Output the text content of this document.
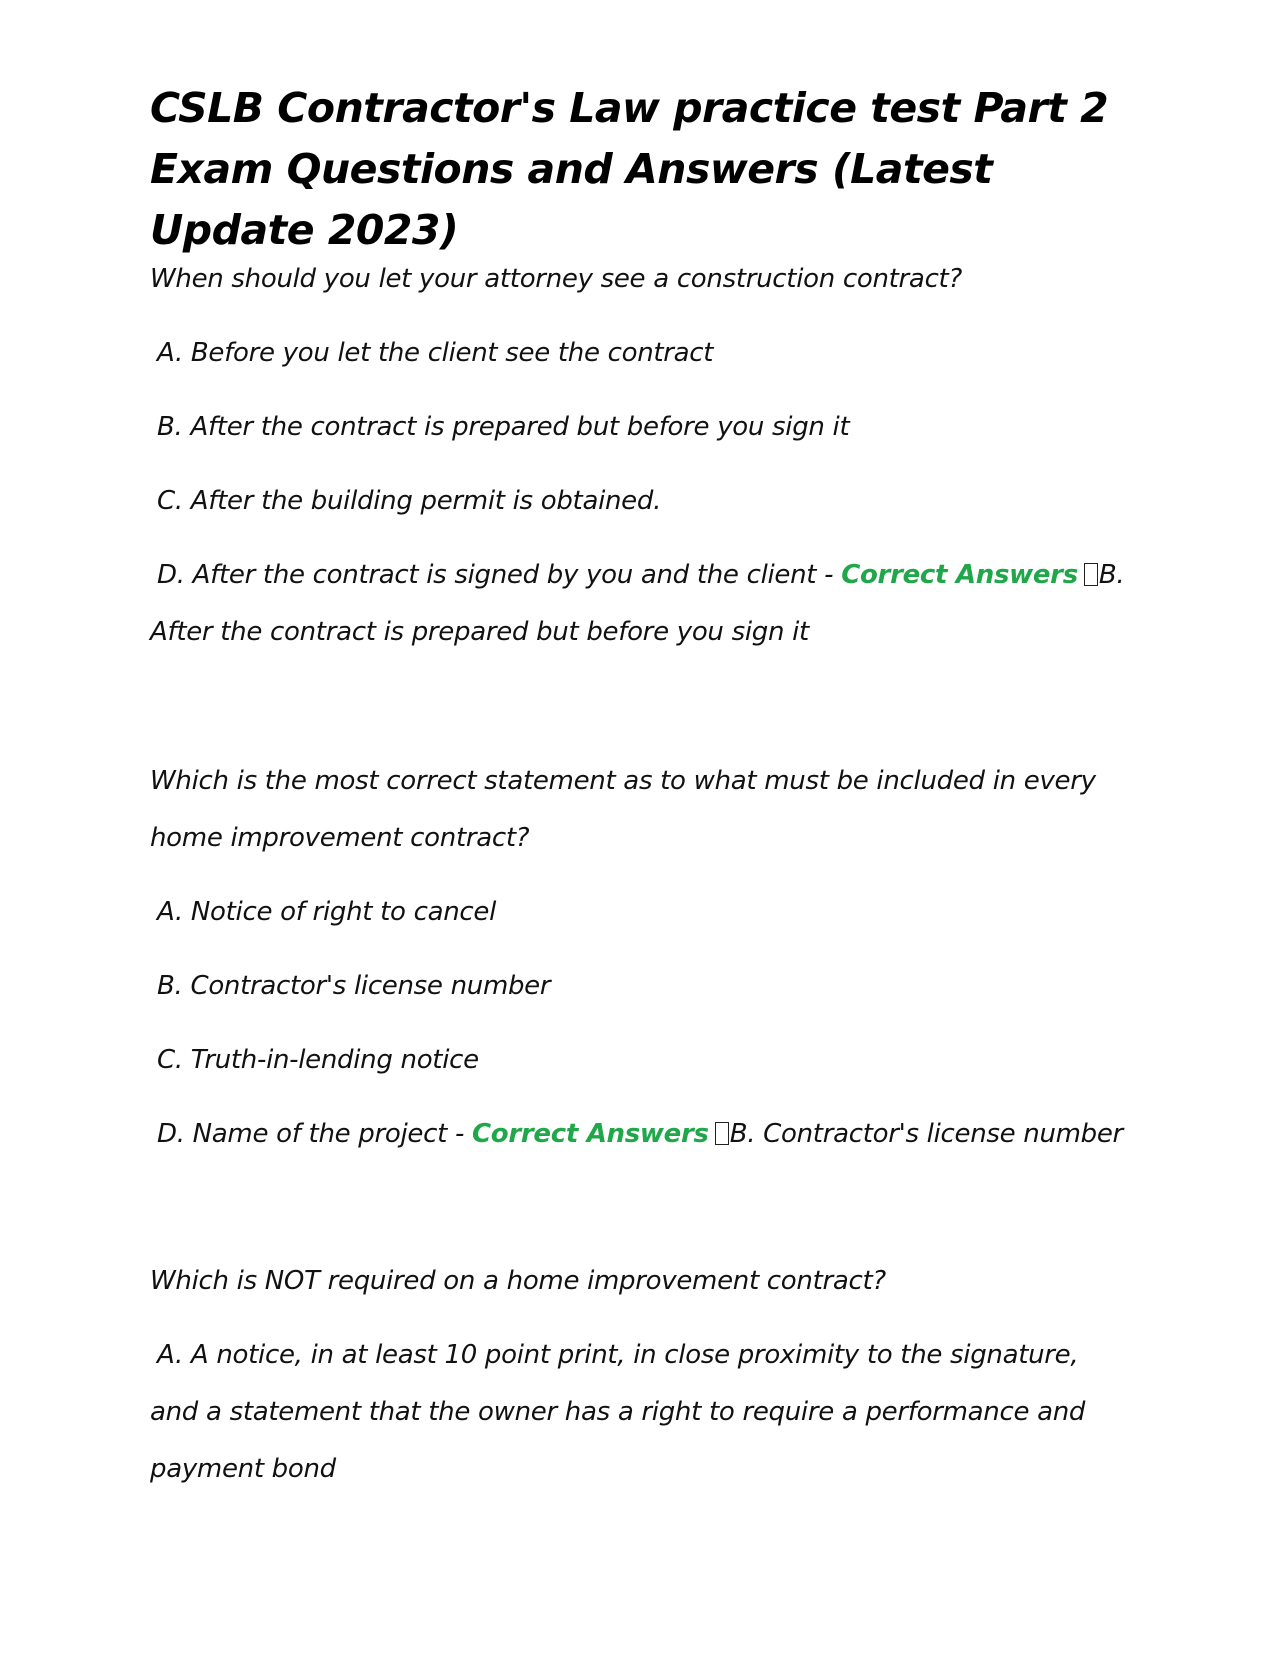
CSLB Contractor's Law practice test Part 2 Exam Questions and Answers (Latest Update 2023)

When should you let your attorney see a construction contract?

A. Before you let the client see the contract

B. After the contract is prepared but before you sign it

C. After the building permit is obtained.

D. After the contract is signed by you and the client - Correct Answers B. After the contract is prepared but before you sign it

Which is the most correct statement as to what must be included in every home improvement contract?

A. Notice of right to cancel

B. Contractor's license number

C. Truth-in-lending notice

D. Name of the project - Correct Answers B. Contractor's license number

Which is NOT required on a home improvement contract?

A. A notice, in at least 10 point print, in close proximity to the signature, and a statement that the owner has a right to require a performance and payment bond
